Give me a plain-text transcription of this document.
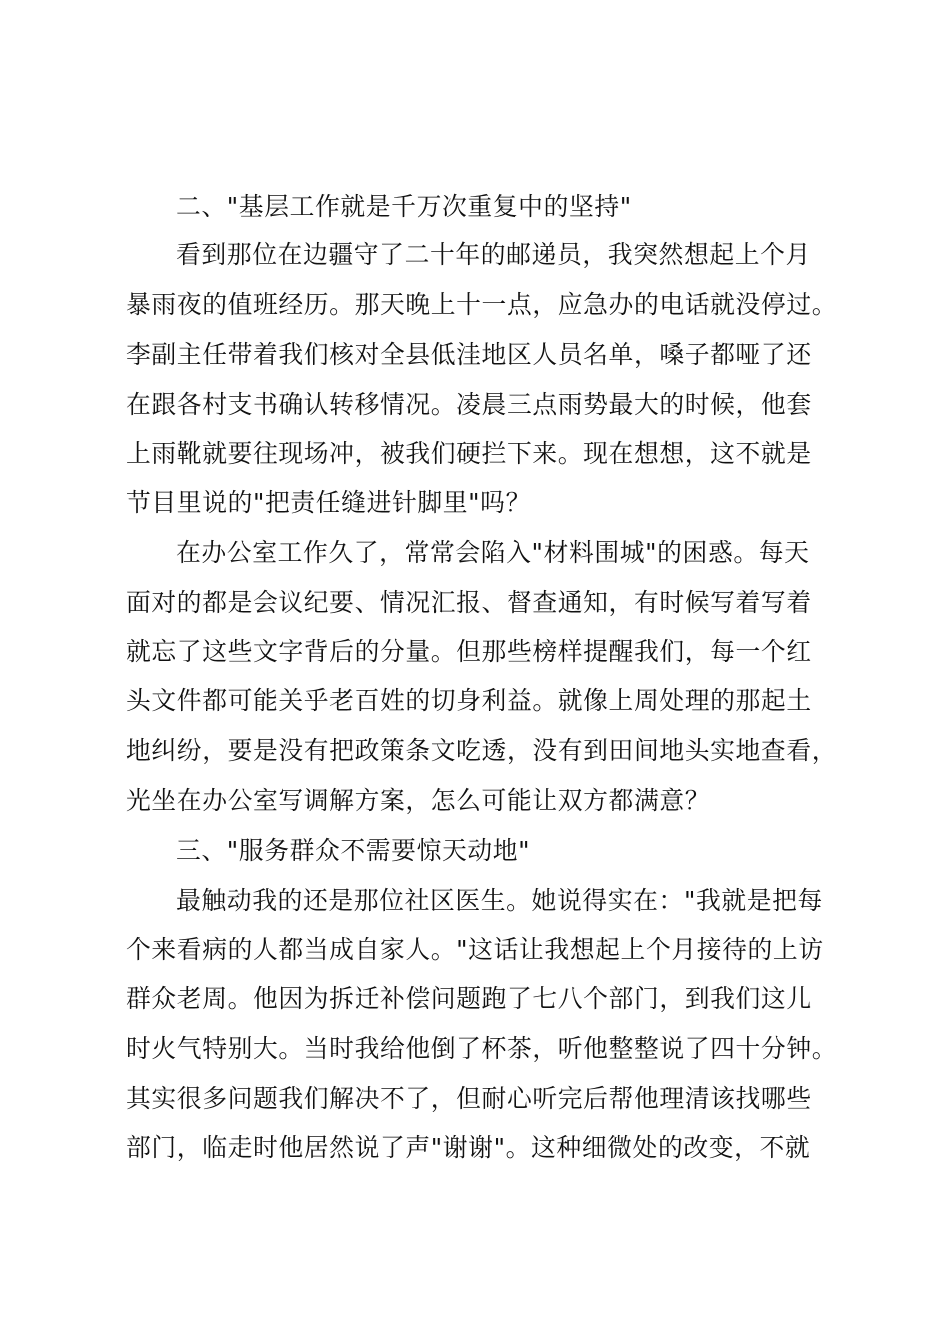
二、"基层工作就是千万次重复中的坚持"
看到那位在边疆守了二十年的邮递员，我突然想起上个月
暴雨夜的值班经历。那天晚上十一点，应急办的电话就没停过。
李副主任带着我们核对全县低洼地区人员名单，嗓子都哑了还
在跟各村支书确认转移情况。凌晨三点雨势最大的时候，他套
上雨靴就要往现场冲，被我们硬拦下来。现在想想，这不就是
节目里说的"把责任缝进针脚里"吗？
在办公室工作久了，常常会陷入"材料围城"的困惑。每天
面对的都是会议纪要、情况汇报、督查通知，有时候写着写着
就忘了这些文字背后的分量。但那些榜样提醒我们，每一个红
头文件都可能关乎老百姓的切身利益。就像上周处理的那起土
地纠纷，要是没有把政策条文吃透，没有到田间地头实地查看，
光坐在办公室写调解方案，怎么可能让双方都满意？
三、"服务群众不需要惊天动地"
最触动我的还是那位社区医生。她说得实在："我就是把每
个来看病的人都当成自家人。"这话让我想起上个月接待的上访
群众老周。他因为拆迁补偿问题跑了七八个部门，到我们这儿
时火气特别大。当时我给他倒了杯茶，听他整整说了四十分钟。
其实很多问题我们解决不了，但耐心听完后帮他理清该找哪些
部门，临走时他居然说了声"谢谢"。这种细微处的改变，不就
